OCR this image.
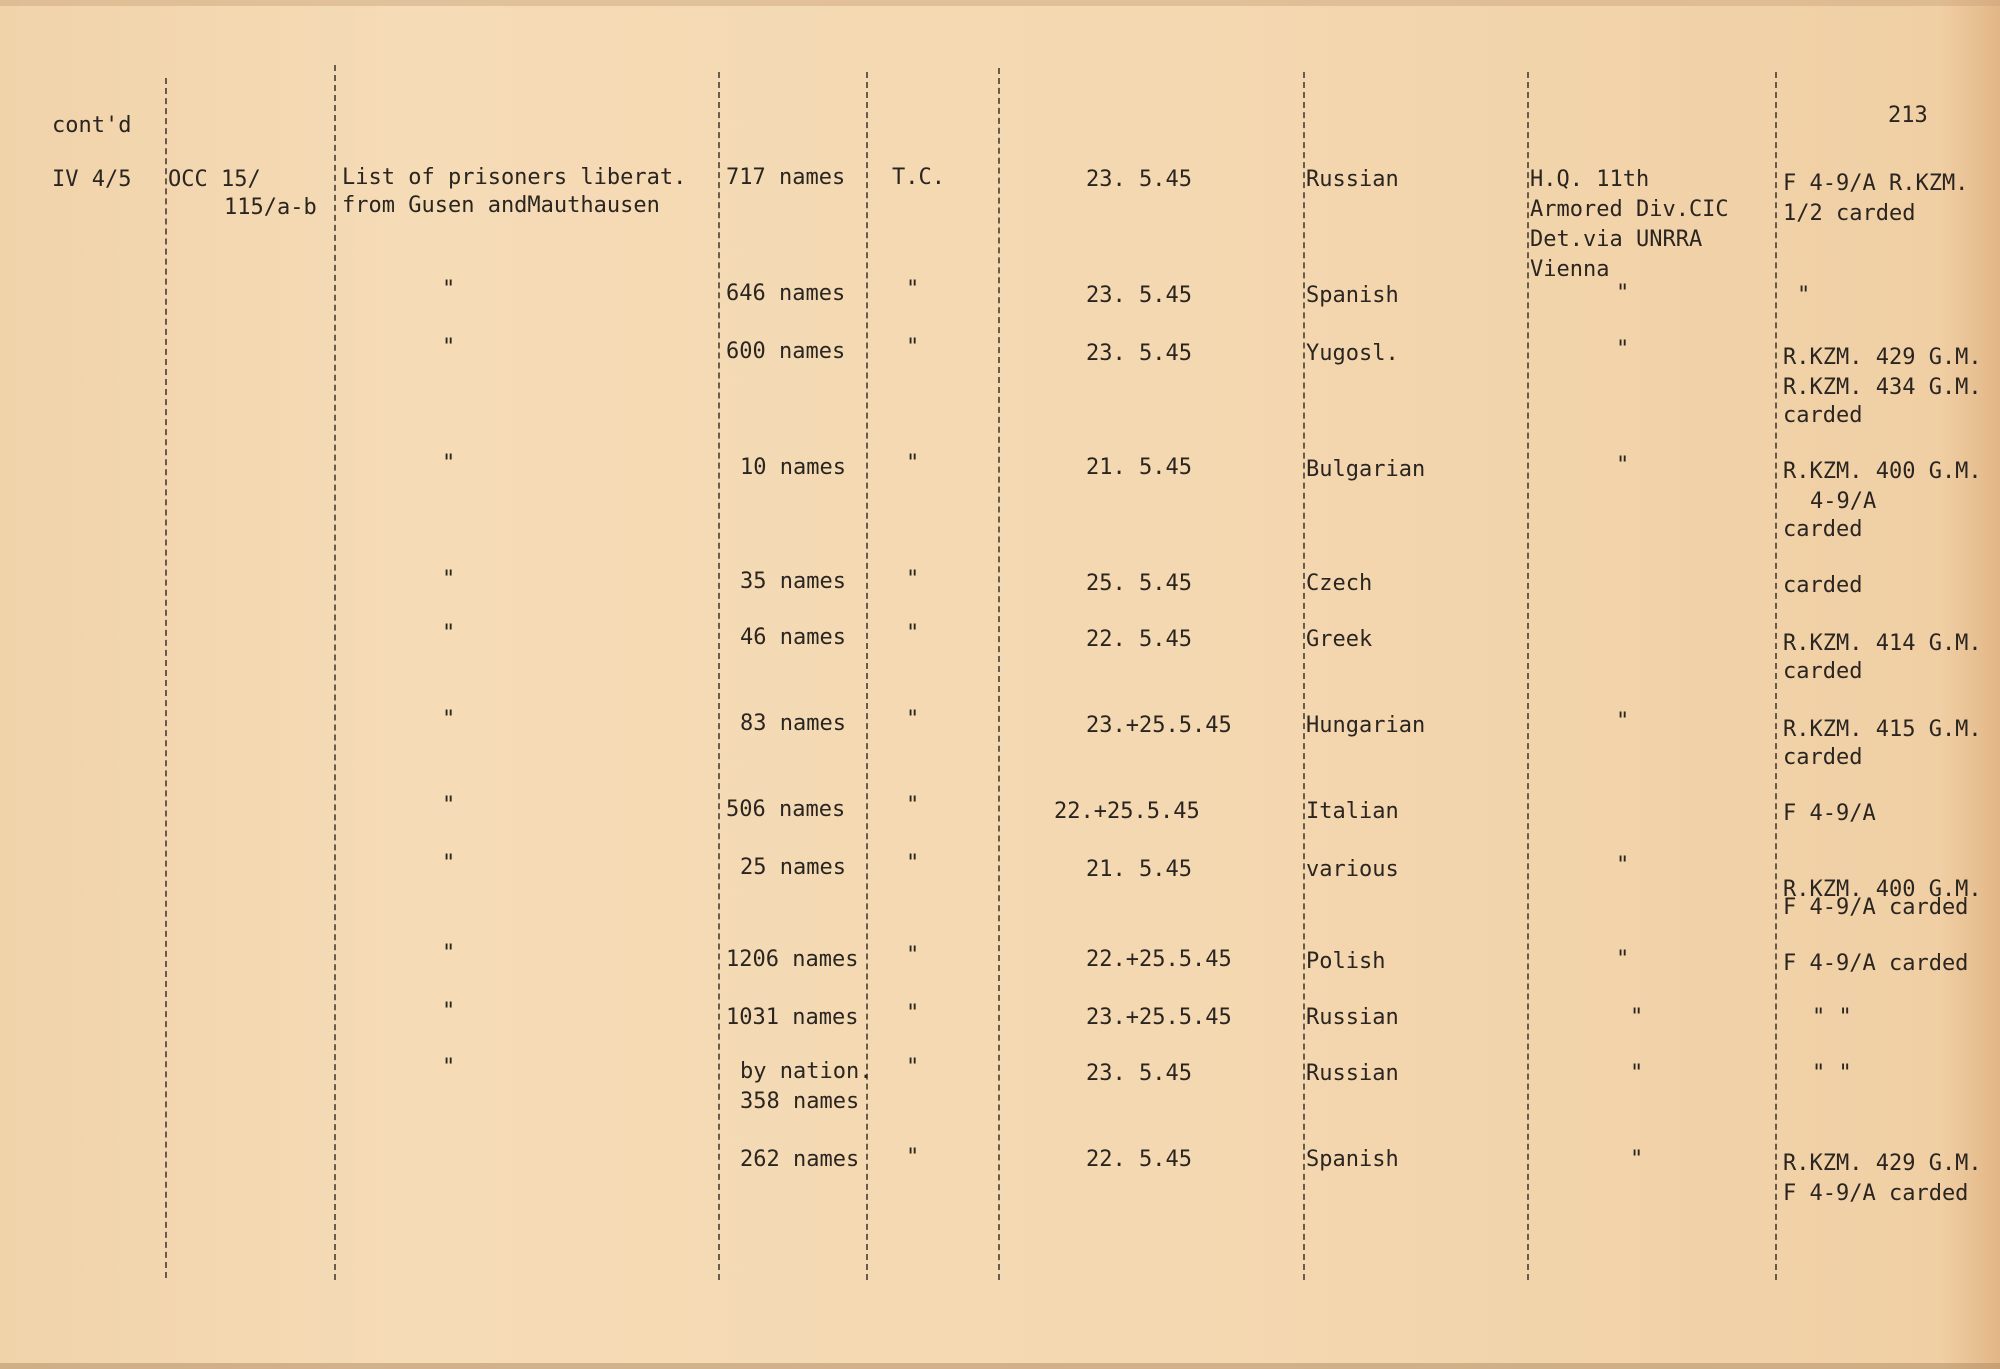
cont'd	213
IV 4/5 OCC 15/
115/a-b
List of prisoners liberat.
from Gusen andMauthausen
H.Q. 11th
Armored Div.CIC
Det.via UNRRA
Vienna
717 names T.C.	23. 5.45	Russian	F 4-9/A R.KZM.
1/2 carded
"	646 names	"	23. 5.45	Spanish	"	"
"	600 names	"	23. 5.45	Yugosl.	"	R.KZM. 429 G.M.
R.KZM. 434 G.M.
carded
"	10 names	"	21. 5.45	Bulgarian	"	R.KZM. 400 G.M.
4-9/A
carded
"	35 names	"	25. 5.45	Czech	carded
"	46 names	"	22. 5.45	Greek	R.KZM. 414 G.M.
carded
"	83 names	"	23.+25.5.45	Hungarian	"	R.KZM. 415 G.M.
carded
"	506 names	"	22.+25.5.45	Italian	F 4-9/A
"	25 names	"	21. 5.45	various	"
R.KZM. 400 G.M.
F 4-9/A carded
"	1206 names "	22.+25.5.45	Polish	"	F 4-9/A carded
"	1031 names "	23.+25.5.45	Russian	"	" "
"	by nation.
358 names
"	23. 5.45	Russian	"	" "
262 names "	22. 5.45	Spanish	"	R.KZM. 429 G.M.
F 4-9/A carded
